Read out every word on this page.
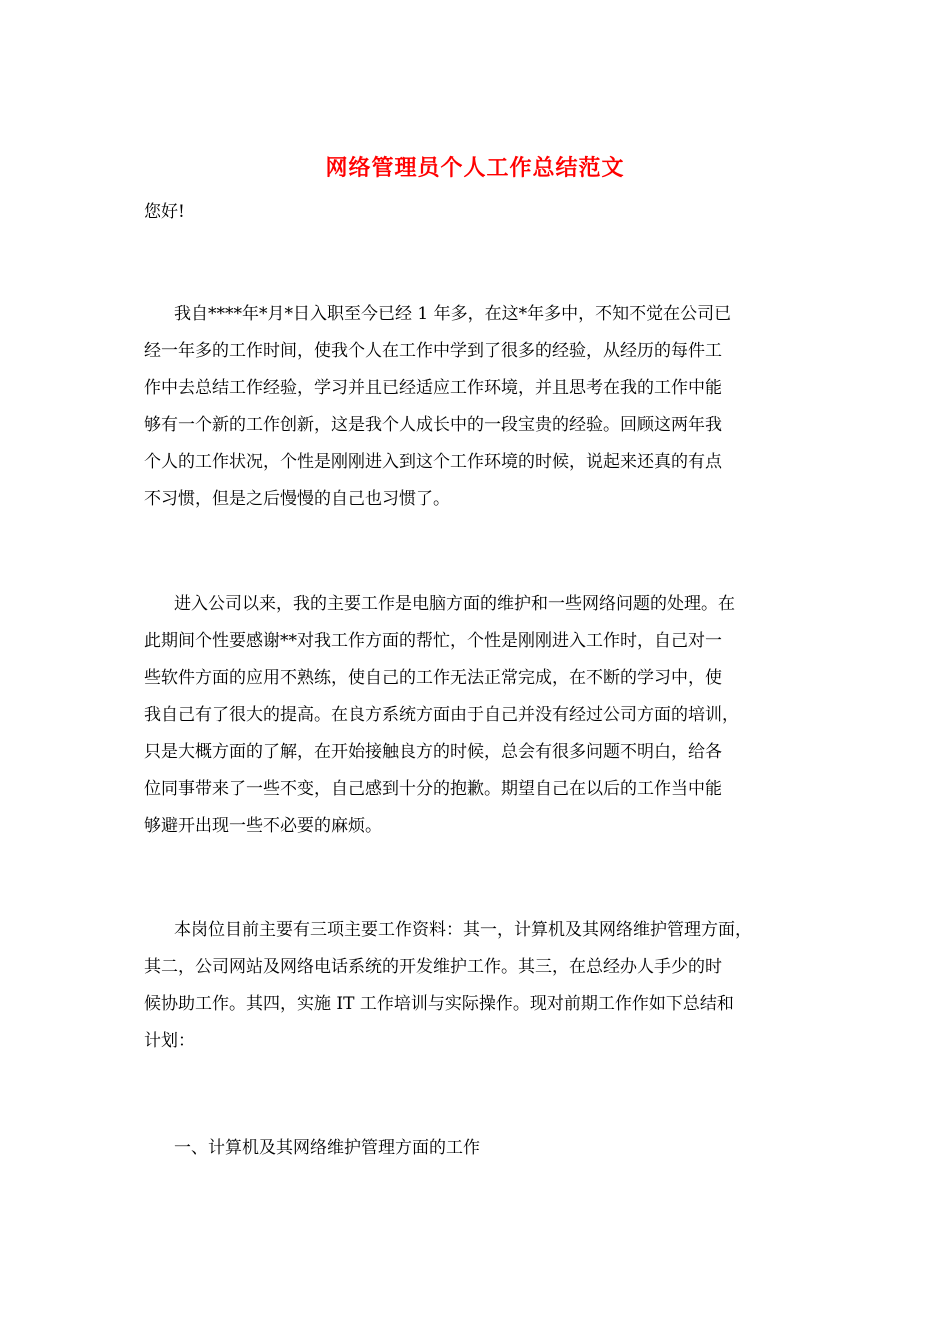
网络管理员个人工作总结范文
您好!
我自****年*月*日入职至今已经 1 年多，在这*年多中，不知不觉在公司已
经一年多的工作时间，使我个人在工作中学到了很多的经验，从经历的每件工
作中去总结工作经验，学习并且已经适应工作环境，并且思考在我的工作中能
够有一个新的工作创新，这是我个人成长中的一段宝贵的经验。回顾这两年我
个人的工作状况，个性是刚刚进入到这个工作环境的时候，说起来还真的有点
不习惯，但是之后慢慢的自己也习惯了。
进入公司以来，我的主要工作是电脑方面的维护和一些网络问题的处理。在
此期间个性要感谢**对我工作方面的帮忙，个性是刚刚进入工作时，自己对一
些软件方面的应用不熟练，使自己的工作无法正常完成，在不断的学习中，使
我自己有了很大的提高。在良方系统方面由于自己并没有经过公司方面的培训，
只是大概方面的了解，在开始接触良方的时候，总会有很多问题不明白，给各
位同事带来了一些不变，自己感到十分的抱歉。期望自己在以后的工作当中能
够避开出现一些不必要的麻烦。
本岗位目前主要有三项主要工作资料：其一，计算机及其网络维护管理方面，
其二，公司网站及网络电话系统的开发维护工作。其三，在总经办人手少的时
候协助工作。其四，实施 IT 工作培训与实际操作。现对前期工作作如下总结和
计划：
一、计算机及其网络维护管理方面的工作
